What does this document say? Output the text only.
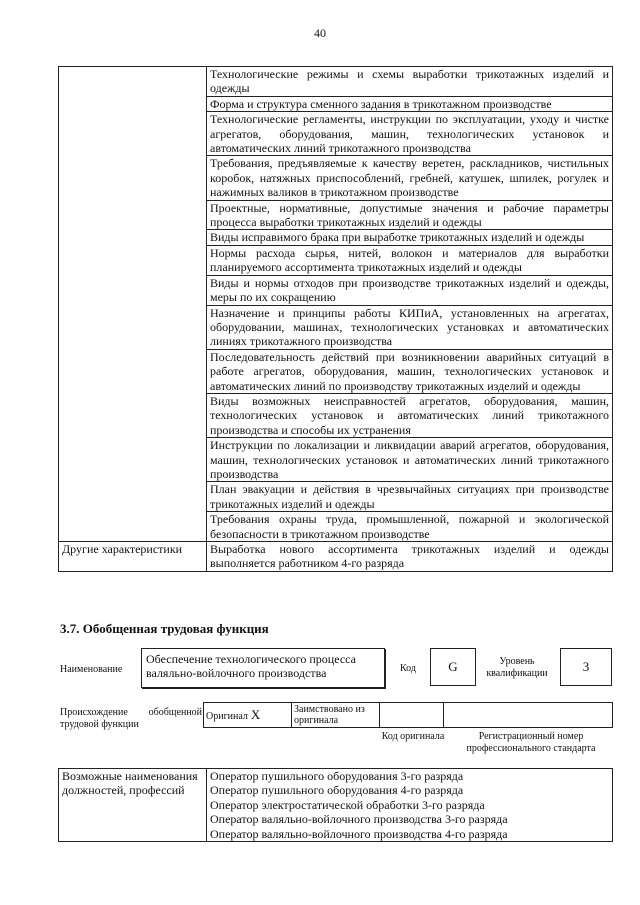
40
	Технологические режимы и схемы выработки трикотажных изделий и одежды
	Форма и структура сменного задания в трикотажном производстве
	Технологические регламенты, инструкции по эксплуатации, уходу и чистке агрегатов, оборудования, машин, технологических установок и автоматических линий трикотажного производства
	Требования, предъявляемые к качеству веретен, раскладников, чистильных коробок, натяжных приспособлений, гребней, катушек, шпилек, рогулек и нажимных валиков в трикотажном производстве
	Проектные, нормативные, допустимые значения и рабочие параметры процесса выработки трикотажных изделий и одежды
	Виды исправимого брака при выработке трикотажных изделий и одежды
	Нормы расхода сырья, нитей, волокон и материалов для выработки планируемого ассортимента трикотажных изделий и одежды
	Виды и нормы отходов при производстве трикотажных изделий и одежды, меры по их сокращению
	Назначение и принципы работы КИПиА, установленных на агрегатах, оборудовании, машинах, технологических установках и автоматических линиях трикотажного производства
	Последовательность действий при возникновении аварийных ситуаций в работе агрегатов, оборудования, машин, технологических установок и автоматических линий по производству трикотажных изделий и одежды
	Виды возможных неисправностей агрегатов, оборудования, машин, технологических установок и автоматических линий трикотажного производства и способы их устранения
	Инструкции по локализации и ликвидации аварий агрегатов, оборудования, машин, технологических установок и автоматических линий трикотажного производства
	План эвакуации и действия в чрезвычайных ситуациях при производстве трикотажных изделий и одежды
	Требования охраны труда, промышленной, пожарной и экологической безопасности в трикотажном производстве
Другие характеристики	Выработка нового ассортимента трикотажных изделий и одежды выполняется работником 4-го разряда
3.7. Обобщенная трудовая функция
Наименование
Обеспечение технологического процесса валяльно-войлочного производства	Код G	Уровень квалификации	3
Происхождение обобщенной трудовой функции
Оригинал X	Заимствовано из оригинала		
Код оригинала	Регистрационный номер профессионального стандарта
Возможные наименования должностей, профессий	
Оператор пушильного оборудования 3-го разряда
Оператор пушильного оборудования 4-го разряда
Оператор электростатической обработки 3-го разряда
Оператор валяльно-войлочного производства 3-го разряда
Оператор валяльно-войлочного производства 4-го разряда
